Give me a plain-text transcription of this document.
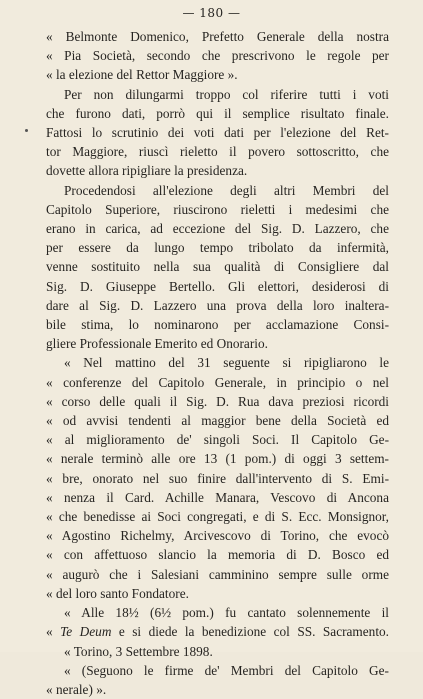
— 180 —
« Belmonte Domenico, Prefetto Generale della nostra
« Pia Società, secondo che prescrivono le regole per
« la elezione del Rettor Maggiore ».
Per non dilungarmi troppo col riferire tutti i voti
che furono dati, porrò qui il semplice risultato finale.
Fattosi lo scrutinio dei voti dati per l'elezione del Ret-
tor Maggiore, riuscì rieletto il povero sottoscritto, che
dovette allora ripigliare la presidenza.
Procedendosi all'elezione degli altri Membri del
Capitolo Superiore, riuscirono rieletti i medesimi che
erano in carica, ad eccezione del Sig. D. Lazzero, che
per essere da lungo tempo tribolato da infermità,
venne sostituito nella sua qualità di Consigliere dal
Sig. D. Giuseppe Bertello. Gli elettori, desiderosi di
dare al Sig. D. Lazzero una prova della loro inaltera-
bile stima, lo nominarono per acclamazione Consi-
gliere Professionale Emerito ed Onorario.
« Nel mattino del 31 seguente si ripigliarono le
« conferenze del Capitolo Generale, in principio o nel
« corso delle quali il Sig. D. Rua dava preziosi ricordi
« od avvisi tendenti al maggior bene della Società ed
« al miglioramento de' singoli Soci. Il Capitolo Ge-
« nerale terminò alle ore 13 (1 pom.) di oggi 3 settem-
« bre, onorato nel suo finire dall'intervento di S. Emi-
« nenza il Card. Achille Manara, Vescovo di Ancona
« che benedisse ai Soci congregati, e di S. Ecc. Monsignor,
« Agostino Richelmy, Arcivescovo di Torino, che evocò
« con affettuoso slancio la memoria di D. Bosco ed
« augurò che i Salesiani camminino sempre sulle orme
« del loro santo Fondatore.
« Alle 18½ (6½ pom.) fu cantato solennemente il
« Te Deum e si diede la benedizione col SS. Sacramento.
« Torino, 3 Settembre 1898.
« (Seguono le firme de' Membri del Capitolo Ge-
« nerale) ».
